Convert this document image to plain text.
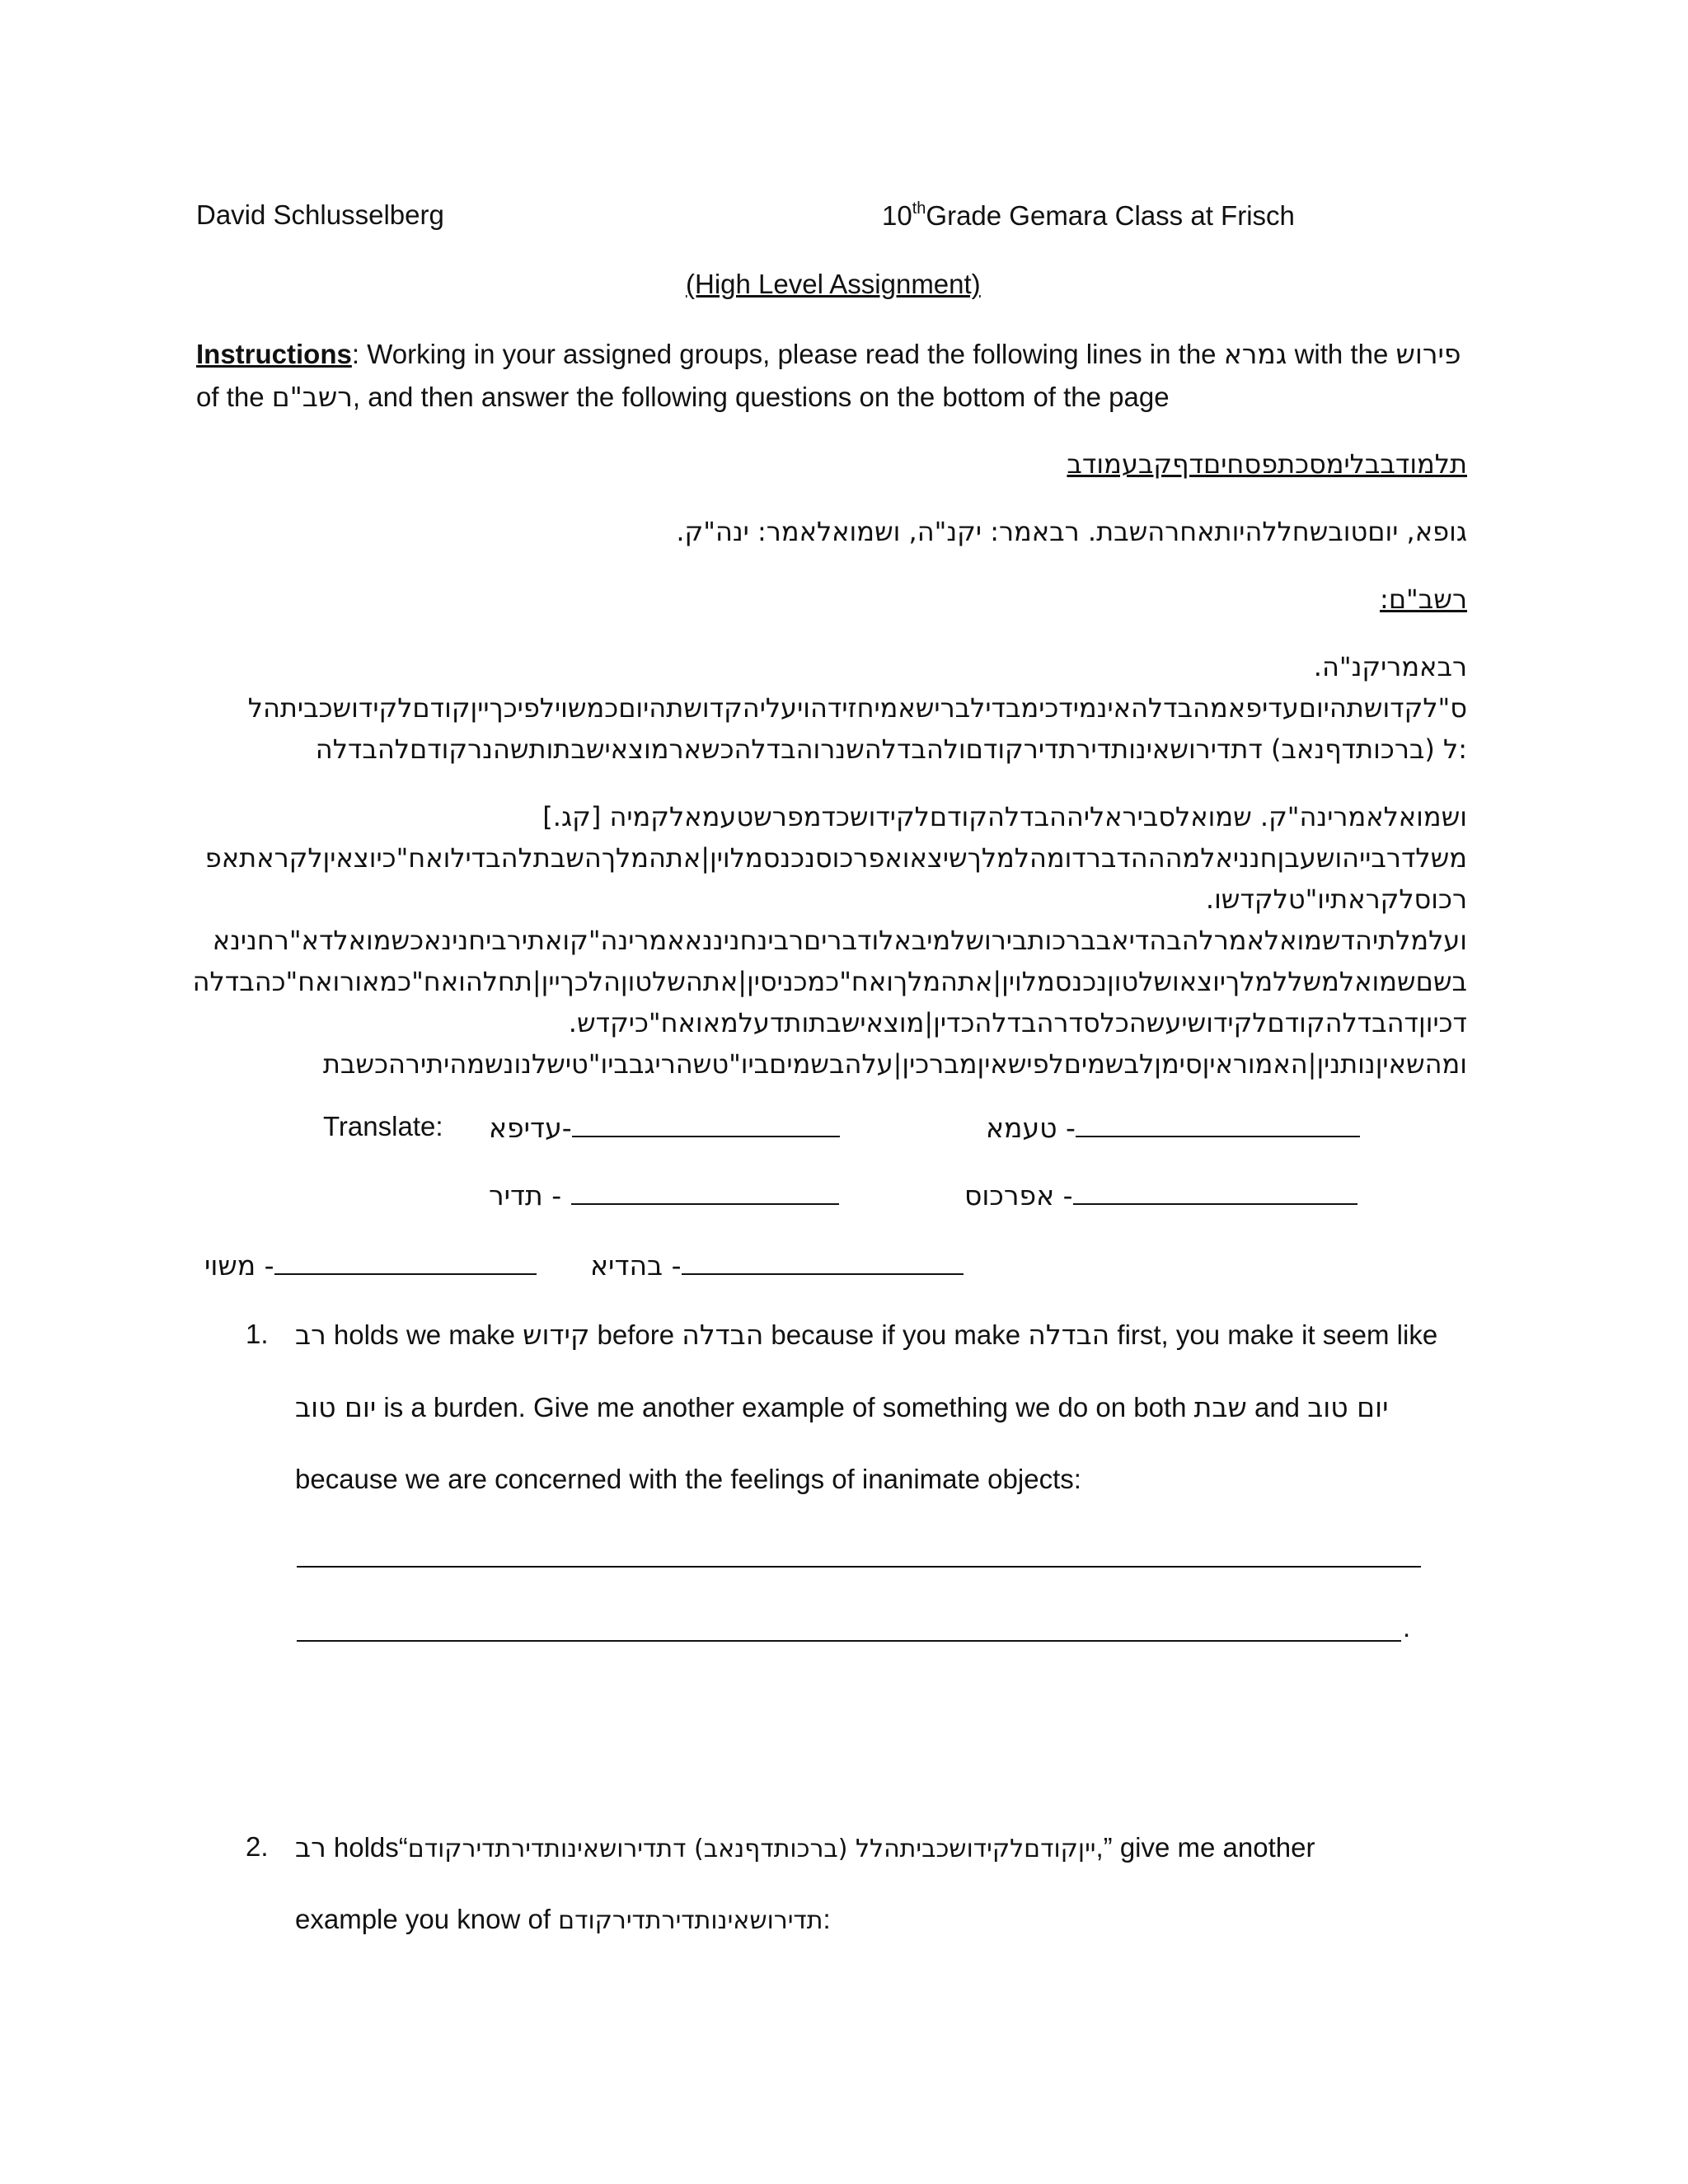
David Schlusselberg	10thGrade Gemara Class at Frisch
(High Level Assignment)
Instructions: Working in your assigned groups, please read the following lines in the גמרא with the פירוש
of the רשב"ם, and then answer the following questions on the bottom of the page
תלמודבבלימסכתפסחיםדףקבעמודב
גופא, יוםטובשחללהיותאחרהשבת. רבאמר: יקנ"ה, ושמואלאמר: ינה"ק.
רשב"ם:
רבאמריקנ"ה.
ס"לקדושתהיוםעדיפאמהבדלהאינמידכימבדילברישאמיחזידהויעליהקדושתהיוםכמשוילפיכךייןקודםלקידושכביתהל
:ל (ברכותדףנאב) דתדירושאינותדירתדירקודםולהבדלהשנרוהבדלהכשארמוצאישבתותשהנרקודםלהבדלה
ושמואלאמרינה"ק. שמואלסביראליההבדלהקודםלקידושכדמפרשטעמאלקמיה [קג.]
משלדרבייהושעבןחנניאלמהההדברדומהלמלךשיצאואפרכוסנכנסמלוין|אתהמלךהשבתלהבדילואח"כיוצאיןלקראתאפ
רכוסלקראתיו"טלקדשו.
ועלמלתיהדשמואלאמרלהבהדיאבברכותבירושלמיבאלודבריםרבינחניננאאמרינה"קואתירביחנינאכשמואלדא"רחנינא
בשםשמואלמשללמלךיוצאושלטוןנכנסמלוין|אתהמלךואח"כמכניסין|אתהשלטוןהלכךיין|תחלהואח"כמאורואח"כהבדלה
דכיוןדהבדלהקודםלקידושיעשהכלסדרהבדלהכדין|מוצאישבתותדעלמאואח"כיקדש.
ומהשאיןנותנין|האמוראיןסימןלבשמיםלפישאיןמברכין|עלהבשמיםביו"טשהריגבביו"טישלנונשמהיתירהכשבת
Translate: עדיפא-	טעמא -
תדיר -	אפרכוס -
משוי -	בהדיא -
1. רב holds we make קידוש before הבדלה because if you make הבדלה first, you make it seem like
יום טוב is a burden. Give me another example of something we do on both שבת and יום טוב
because we are concerned with the feelings of inanimate objects:
.
2. רב holds“ייןקודםלקידושכביתהלל (ברכותדףנאב) דתדירושאינותדירתדירקודם,” give me another
example you know of תדירושאינותדירתדירקודם:
